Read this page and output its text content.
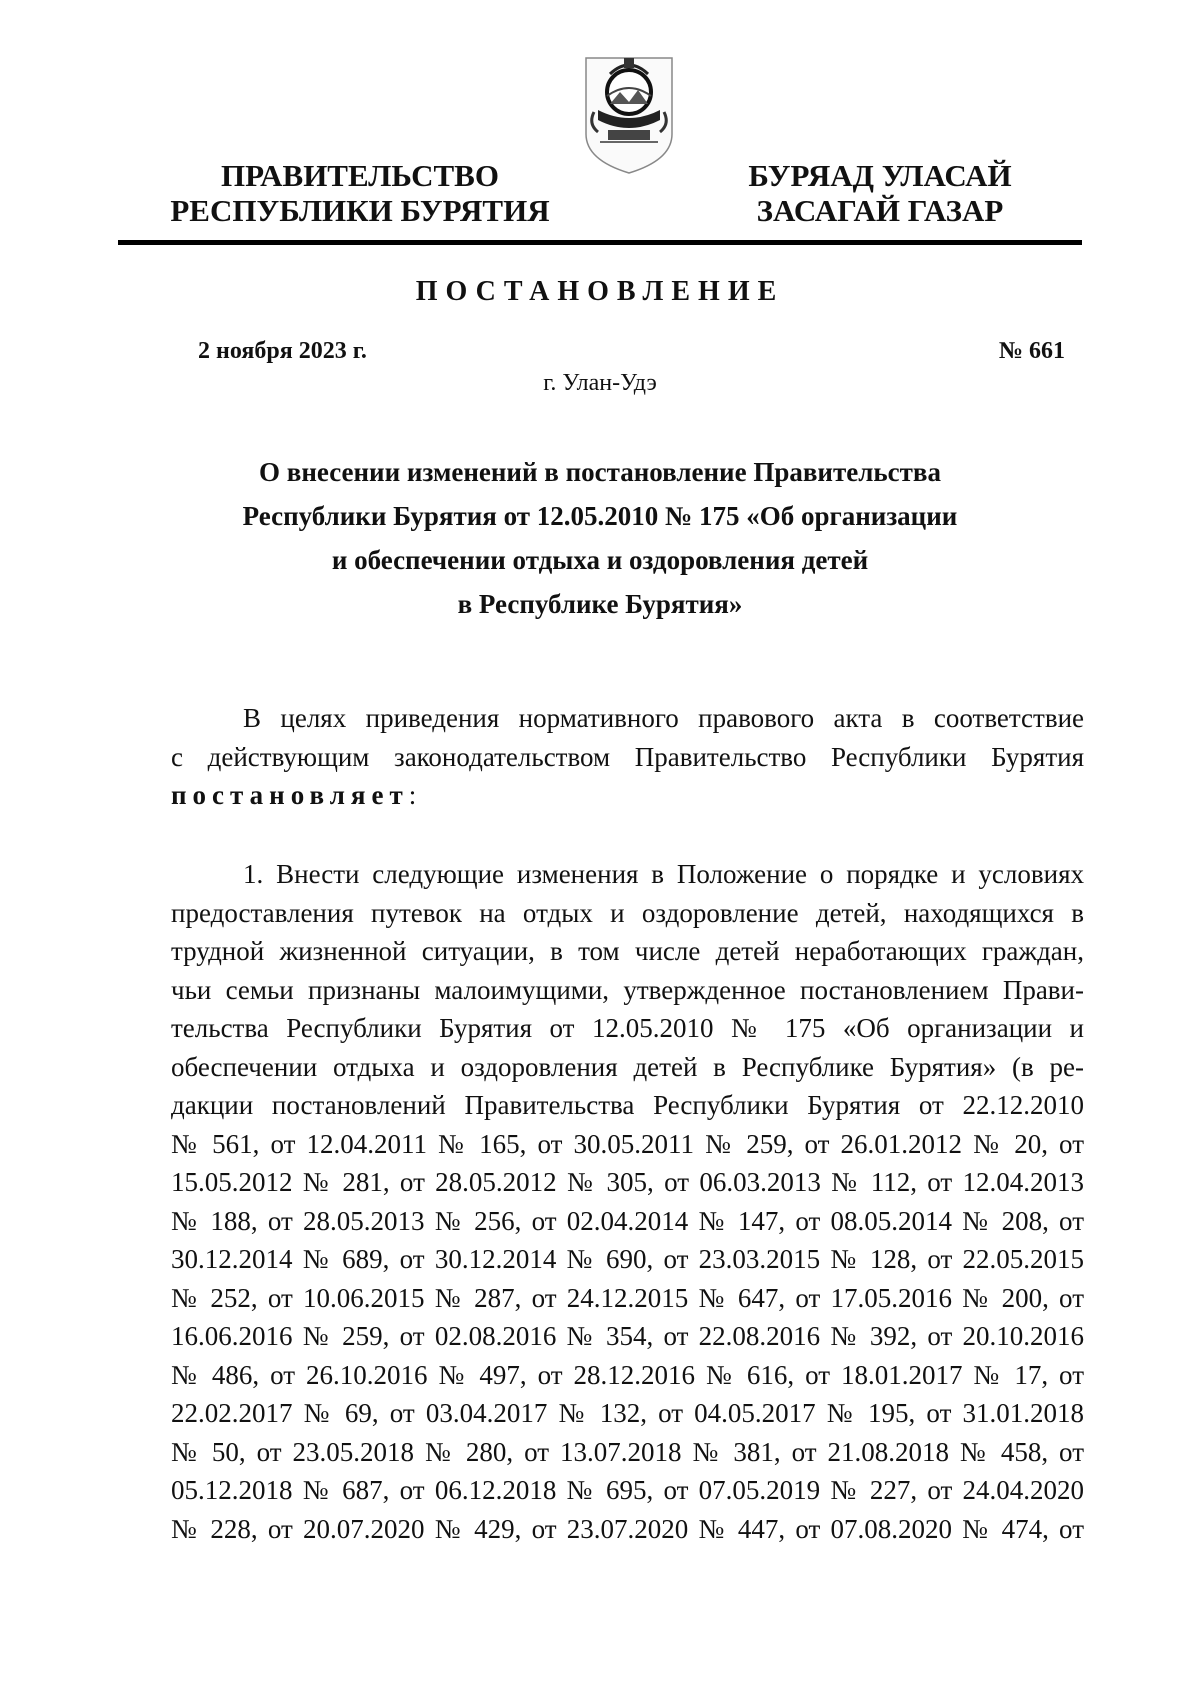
ПРАВИТЕЛЬСТВО
РЕСПУБЛИКИ БУРЯТИЯ
БУРЯАД УЛАСАЙ
ЗАСАГАЙ ГАЗАР
ПОСТАНОВЛЕНИЕ
2 ноября 2023 г.	№ 661
г. Улан-Удэ
О внесении изменений в постановление Правительства
Республики Бурятия от 12.05.2010 № 175 «Об организации
и обеспечении отдыха и оздоровления детей
в Республике Бурятия»
В целях приведения нормативного правового акта в соответствие
с действующим законодательством Правительство Республики Бурятия
постановляет:
1. Внести следующие изменения в Положение о порядке и условиях
предоставления путевок на отдых и оздоровление детей, находящихся в
трудной жизненной ситуации, в том числе детей неработающих граждан,
чьи семьи признаны малоимущими, утвержденное постановлением Прави-
тельства Республики Бурятия от 12.05.2010 № 175 «Об организации и
обеспечении отдыха и оздоровления детей в Республике Бурятия» (в ре-
дакции постановлений Правительства Республики Бурятия от 22.12.2010
№ 561, от 12.04.2011 № 165, от 30.05.2011 № 259, от 26.01.2012 № 20, от
15.05.2012 № 281, от 28.05.2012 № 305, от 06.03.2013 № 112, от 12.04.2013
№ 188, от 28.05.2013 № 256, от 02.04.2014 № 147, от 08.05.2014 № 208, от
30.12.2014 № 689, от 30.12.2014 № 690, от 23.03.2015 № 128, от 22.05.2015
№ 252, от 10.06.2015 № 287, от 24.12.2015 № 647, от 17.05.2016 № 200, от
16.06.2016 № 259, от 02.08.2016 № 354, от 22.08.2016 № 392, от 20.10.2016
№ 486, от 26.10.2016 № 497, от 28.12.2016 № 616, от 18.01.2017 № 17, от
22.02.2017 № 69, от 03.04.2017 № 132, от 04.05.2017 № 195, от 31.01.2018
№ 50, от 23.05.2018 № 280, от 13.07.2018 № 381, от 21.08.2018 № 458, от
05.12.2018 № 687, от 06.12.2018 № 695, от 07.05.2019 № 227, от 24.04.2020
№ 228, от 20.07.2020 № 429, от 23.07.2020 № 447, от 07.08.2020 № 474, от
